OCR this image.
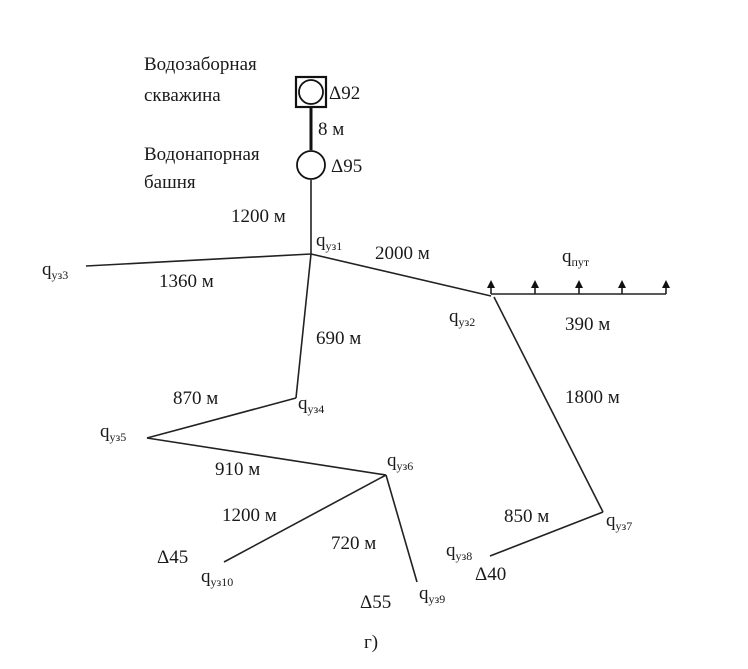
Водозаборная
скважина	Δ92
8 м
Водонапорная
башня
Δ95
1200 м
2000 м
1360 м
390 м
690 м
1800 м
870 м
910 м
1200 м
720 м
850 м
$q_{уз1}$
$q_{уз2}$
$q_{уз3}$
$q_{пут}$
$q_{уз4}$
$q_{уз5}$
$q_{уз6}$
$q_{уз7}$
$q_{уз8}$
$q_{уз9}$
$q_{уз10}$
Δ45
Δ55
Δ40
г)
